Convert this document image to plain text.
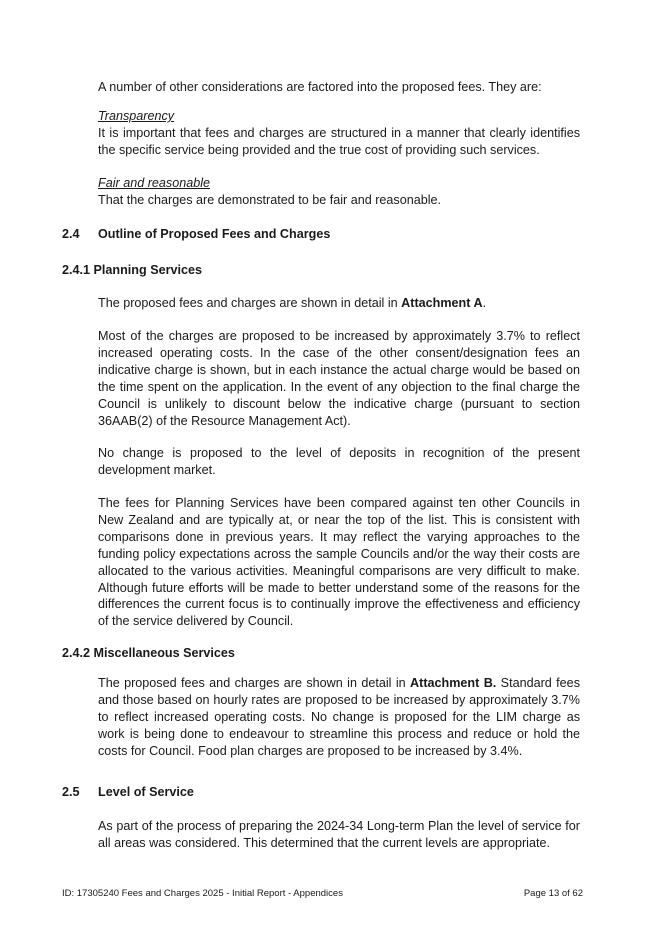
A number of other considerations are factored into the proposed fees. They are:

Transparency

It is important that fees and charges are structured in a manner that clearly identifies the specific service being provided and the true cost of providing such services.

Fair and reasonable

That the charges are demonstrated to be fair and reasonable.

2.4 Outline of Proposed Fees and Charges
2.4.1 Planning Services

The proposed fees and charges are shown in detail in Attachment A.

Most of the charges are proposed to be increased by approximately 3.7% to reflect increased operating costs. In the case of the other consent/designation fees an indicative charge is shown, but in each instance the actual charge would be based on the time spent on the application. In the event of any objection to the final charge the Council is unlikely to discount below the indicative charge (pursuant to section 36AAB(2) of the Resource Management Act).

No change is proposed to the level of deposits in recognition of the present development market.

The fees for Planning Services have been compared against ten other Councils in New Zealand and are typically at, or near the top of the list. This is consistent with comparisons done in previous years. It may reflect the varying approaches to the funding policy expectations across the sample Councils and/or the way their costs are allocated to the various activities. Meaningful comparisons are very difficult to make. Although future efforts will be made to better understand some of the reasons for the differences the current focus is to continually improve the effectiveness and efficiency of the service delivered by Council.

2.4.2 Miscellaneous Services

The proposed fees and charges are shown in detail in Attachment B. Standard fees and those based on hourly rates are proposed to be increased by approximately 3.7% to reflect increased operating costs. No change is proposed for the LIM charge as work is being done to endeavour to streamline this process and reduce or hold the costs for Council. Food plan charges are proposed to be increased by 3.4%.

2.5 Level of Service

As part of the process of preparing the 2024-34 Long-term Plan the level of service for all areas was considered. This determined that the current levels are appropriate.

ID: 17305240 Fees and Charges 2025 - Initial Report - Appendices	Page 13 of 62
